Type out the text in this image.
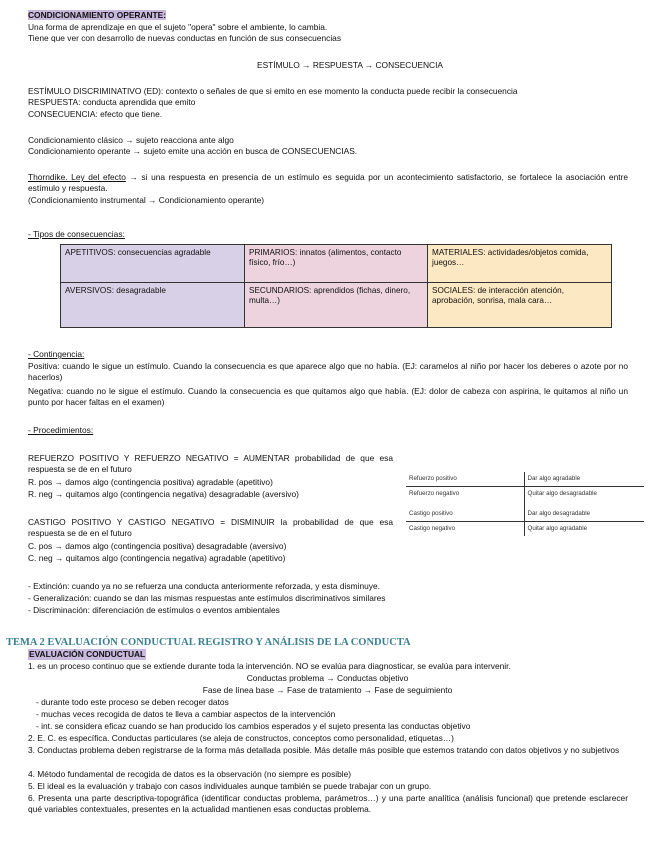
CONDICIONAMIENTO OPERANTE:
Una forma de aprendizaje en que el sujeto "opera" sobre el ambiente, lo cambia.
Tiene que ver con desarrollo de nuevas conductas en función de sus consecuencias
ESTÍMULO → RESPUESTA → CONSECUENCIA
ESTÍMULO DISCRIMINATIVO (ED): contexto o señales de que si emito en ese momento la conducta puede recibir la consecuencia
RESPUESTA: conducta aprendida que emito
CONSECUENCIA: efecto que tiene.
Condicionamiento clásico → sujeto reacciona ante algo
Condicionamiento operante → sujeto emite una acción en busca de CONSECUENCIAS.
Thorndike. Ley del efecto → si una respuesta en presencia de un estímulo es seguida por un acontecimiento satisfactorio, se fortalece la asociación entre estímulo y respuesta.
(Condicionamiento instrumental → Condicionamiento operante)
- Tipos de consecuencias:
APETITIVOS: consecuencias agradable	PRIMARIOS: innatos (alimentos, contacto físico, frío…)	MATERIALES: actividades/objetos comida, juegos…
AVERSIVOS: desagradable	SECUNDARIOS: aprendidos (fichas, dinero, multa…)	SOCIALES: de interacción atención, aprobación, sonrisa, mala cara…
- Contingencia:
Positiva: cuando le sigue un estímulo. Cuando la consecuencia es que aparece algo que no había. (EJ: caramelos al niño por hacer los deberes o azote por no hacerlos)
Negativa: cuando no le sigue el estímulo. Cuando la consecuencia es que quitamos algo que había. (EJ: dolor de cabeza con aspirina, le quitamos al niño un punto por hacer faltas en el examen)
- Procedimientos:
REFUERZO POSITIVO Y REFUERZO NEGATIVO = AUMENTAR probabilidad de que esa respuesta se de en el futuro
R. pos → damos algo (contingencia positiva) agradable (apetitivo)
R. neg → quitamos algo (contingencia negativa) desagradable (aversivo)
CASTIGO POSITIVO Y CASTIGO NEGATIVO = DISMINUIR la probabilidad de que esa respuesta se de en el futuro
C. pos → damos algo (contingencia positiva) desagradable (aversivo)
C. neg → quitamos algo (contingencia negativa) agradable (apetitivo)
Refuerzo positivo	Dar algo agradable
Refuerzo negativo	Quitar algo desagradable

Castigo positivo	Dar algo desagradable
Castigo negativo	Quitar algo agradable
- Extinción: cuando ya no se refuerza una conducta anteriormente reforzada, y esta disminuye.
- Generalización: cuando se dan las mismas respuestas ante estímulos discriminativos similares
- Discriminación: diferenciación de estímulos o eventos ambientales
TEMA 2 EVALUACIÓN CONDUCTUAL REGISTRO Y ANÁLISIS DE LA CONDUCTA
EVALUACIÓN CONDUCTUAL
1. es un proceso continuo que se extiende durante toda la intervención. NO se evalúa para diagnosticar, se evalúa para intervenir.
Conductas problema → Conductas objetivo
Fase de línea base → Fase de tratamiento → Fase de seguimiento
- durante todo este proceso se deben recoger datos
- muchas veces recogida de datos te lleva a cambiar aspectos de la intervención
- int. se considera eficaz cuando se han producido los cambios esperados y el sujeto presenta las conductas objetivo
2. E. C. es específica. Conductas particulares (se aleja de constructos, conceptos como personalidad, etiquetas…)
3. Conductas problema deben registrarse de la forma más detallada posible. Más detalle más posible que estemos tratando con datos objetivos y no subjetivos
4. Método fundamental de recogida de datos es la observación (no siempre es posible)
5. El ideal es la evaluación y trabajo con casos individuales aunque también se puede trabajar con un grupo.
6. Presenta una parte descriptiva-topográfica (identificar conductas problema, parámetros…) y una parte analítica (análisis funcional) que pretende esclarecer qué variables contextuales, presentes en la actualidad mantienen esas conductas problema.
